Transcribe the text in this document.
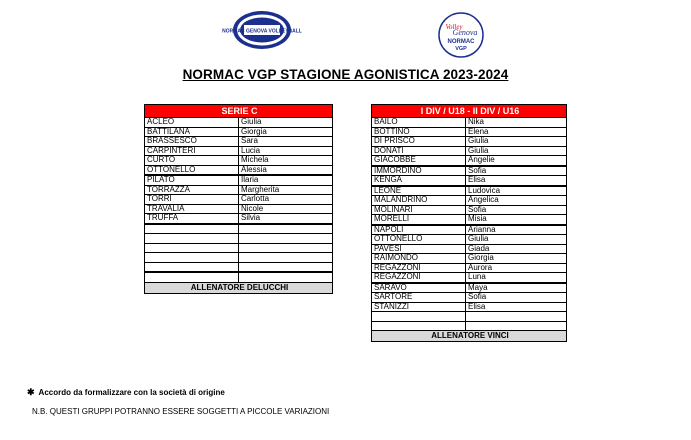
NORMAC GENOVA VOLLEYBALL
Volley
Genova
NORMAC
VGP
NORMAC VGP STAGIONE AGONISTICA 2023-2024
SERIE C	
ACLEO	Giulia
BATTILANA	Giorgia
BRASSESCO	Sara
CARPINTERI	Lucia
CURTO	Michela
OTTONELLO	Alessia
PILATO	Ilaria
TORRAZZA	Margherita
TORRI	Carlotta
TRAVALIA	Nicole
TRUFFA	Silvia

ALLENATORE DELUCCHI	
I DIV / U18 - II DIV / U16	
BAILO	Nika
BOTTINO	Elena
DI PRISCO	Giulia
DONATI	Giulia
GIACOBBE	Angelie
IMMORDINO	Sofia
KENGA	Elisa
LEONE	Ludovica
MALANDRINO	Angelica
MOLINARI	Sofia
MORELLI	Misia
NAPOLI	Arianna
OTTONELLO	Giulia
PAVESI	Giada
RAIMONDO	Giorgia
REGAZZONI	Aurora
REGAZZONI	Luna
SARAVO	Maya
SARTORE	Sofia
STANIZZI	Elisa

ALLENATORE VINCI	
✱ Accordo da formalizzare con la società di origine
N.B. QUESTI GRUPPI POTRANNO ESSERE SOGGETTI A PICCOLE VARIAZIONI
